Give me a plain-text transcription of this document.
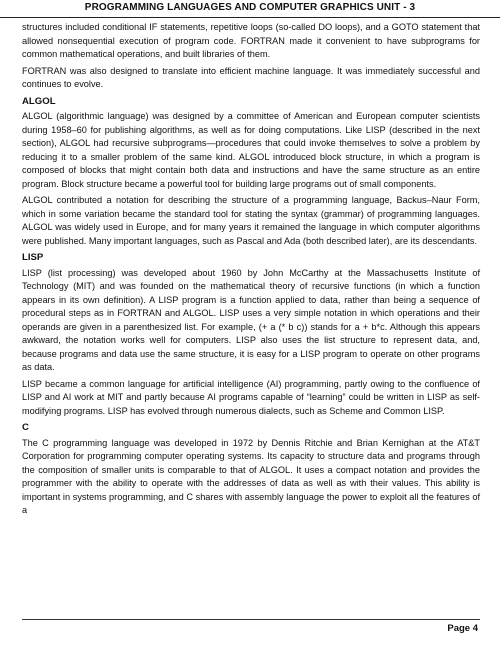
PROGRAMMING LANGUAGES AND COMPUTER GRAPHICS UNIT - 3

structures included conditional IF statements, repetitive loops (so-called DO loops), and a GOTO statement that allowed nonsequential execution of program code. FORTRAN made it convenient to have subprograms for common mathematical operations, and built libraries of them.

FORTRAN was also designed to translate into efficient machine language. It was immediately successful and continues to evolve.

ALGOL

ALGOL (algorithmic language) was designed by a committee of American and European computer scientists during 1958–60 for publishing algorithms, as well as for doing computations. Like LISP (described in the next section), ALGOL had recursive subprograms—procedures that could invoke themselves to solve a problem by reducing it to a smaller problem of the same kind. ALGOL introduced block structure, in which a program is composed of blocks that might contain both data and instructions and have the same structure as an entire program. Block structure became a powerful tool for building large programs out of small components.

ALGOL contributed a notation for describing the structure of a programming language, Backus–Naur Form, which in some variation became the standard tool for stating the syntax (grammar) of programming languages. ALGOL was widely used in Europe, and for many years it remained the language in which computer algorithms were published. Many important languages, such as Pascal and Ada (both described later), are its descendants.

LISP

LISP (list processing) was developed about 1960 by John McCarthy at the Massachusetts Institute of Technology (MIT) and was founded on the mathematical theory of recursive functions (in which a function appears in its own definition). A LISP program is a function applied to data, rather than being a sequence of procedural steps as in FORTRAN and ALGOL. LISP uses a very simple notation in which operations and their operands are given in a parenthesized list. For example, (+ a (* b c)) stands for a + b*c. Although this appears awkward, the notation works well for computers. LISP also uses the list structure to represent data, and, because programs and data use the same structure, it is easy for a LISP program to operate on other programs as data.

LISP became a common language for artificial intelligence (AI) programming, partly owing to the confluence of LISP and AI work at MIT and partly because AI programs capable of “learning” could be written in LISP as self-modifying programs. LISP has evolved through numerous dialects, such as Scheme and Common LISP.

C

The C programming language was developed in 1972 by Dennis Ritchie and Brian Kernighan at the AT&T Corporation for programming computer operating systems. Its capacity to structure data and programs through the composition of smaller units is comparable to that of ALGOL. It uses a compact notation and provides the programmer with the ability to operate with the addresses of data as well as with their values. This ability is important in systems programming, and C shares with assembly language the power to exploit all the features of a

Page 4
